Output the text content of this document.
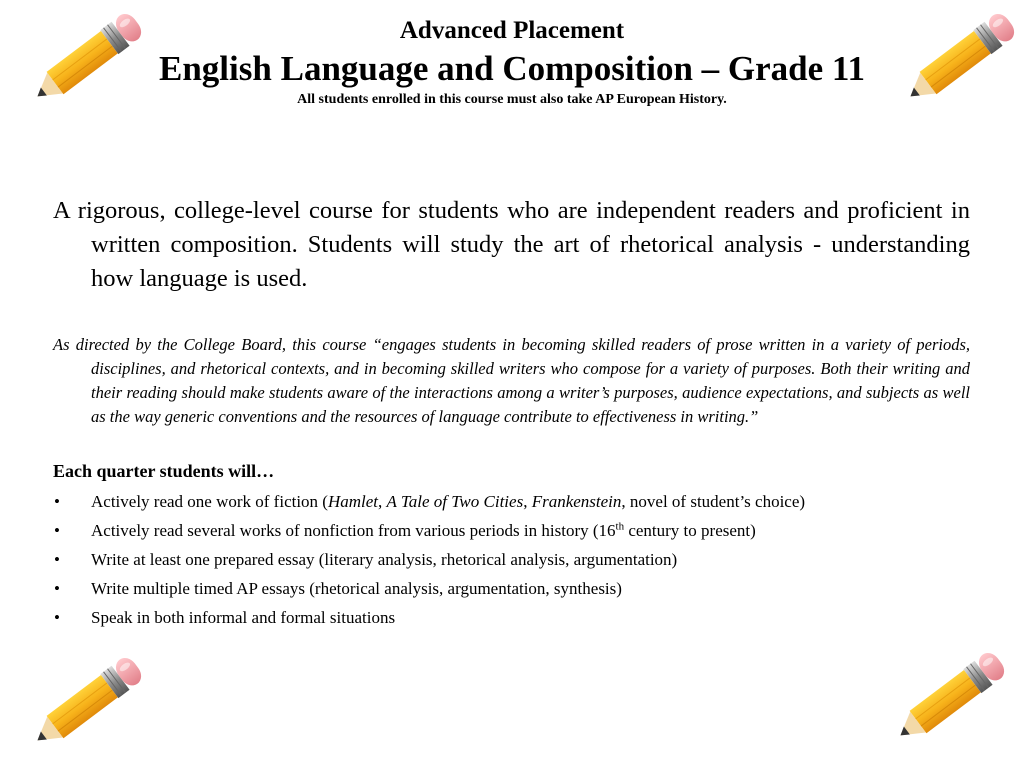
Advanced Placement
English Language and Composition – Grade 11
All students enrolled in this course must also take AP European History.

A rigorous, college-level course for students who are independent readers and proficient in written composition. Students will study the art of rhetorical analysis - understanding how language is used.

As directed by the College Board, this course “engages students in becoming skilled readers of prose written in a variety of periods, disciplines, and rhetorical contexts, and in becoming skilled writers who compose for a variety of purposes. Both their writing and their reading should make students aware of the interactions among a writer’s purposes, audience expectations, and subjects as well as the way generic conventions and the resources of language contribute to effectiveness in writing.”

Each quarter students will…
• Actively read one work of fiction (Hamlet, A Tale of Two Cities, Frankenstein, novel of student’s choice)
• Actively read several works of nonfiction from various periods in history (16th century to present)
• Write at least one prepared essay (literary analysis, rhetorical analysis, argumentation)
• Write multiple timed AP essays (rhetorical analysis, argumentation, synthesis)
• Speak in both informal and formal situations
